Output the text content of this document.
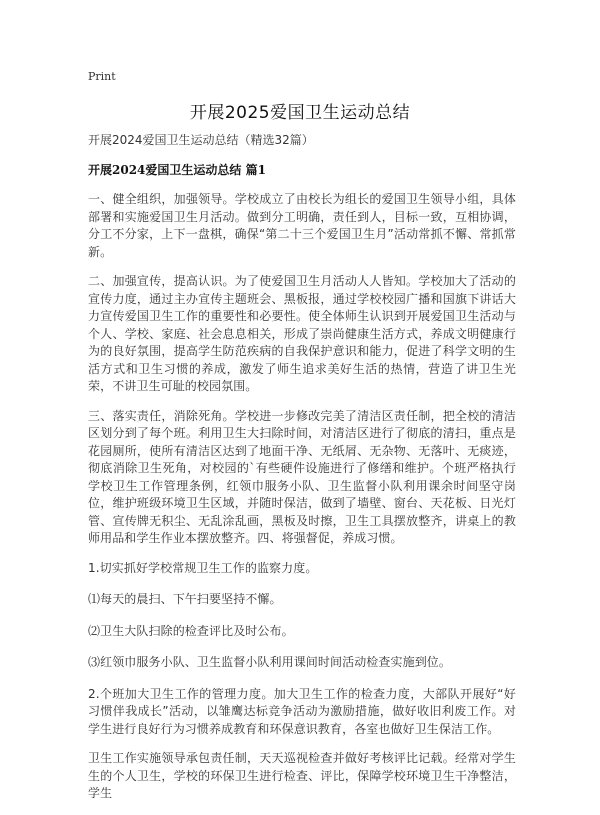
Print
开展2025爱国卫生运动总结
开展2024爱国卫生运动总结（精选32篇）
开展2024爱国卫生运动总结 篇1

一、健全组织，加强领导。学校成立了由校长为组长的爱国卫生领导小组，具体部署和实施爱国卫生月活动。做到分工明确，责任到人，目标一致，互相协调，分工不分家，上下一盘棋，确保“第二十三个爱国卫生月”活动常抓不懈、常抓常新。

二、加强宣传，提高认识。为了使爱国卫生月活动人人皆知。学校加大了活动的宣传力度，通过主办宣传主题班会、黑板报，通过学校校园广播和国旗下讲话大力宣传爱国卫生工作的重要性和必要性。使全体师生认识到开展爱国卫生活动与个人、学校、家庭、社会息息相关，形成了崇尚健康生活方式，养成文明健康行为的良好氛围，提高学生防范疾病的自我保护意识和能力，促进了科学文明的生活方式和卫生习惯的养成，激发了师生追求美好生活的热情，营造了讲卫生光荣，不讲卫生可耻的校园氛围。

三、落实责任，消除死角。学校进一步修改完美了清洁区责任制，把全校的清洁区划分到了每个班。利用卫生大扫除时间，对清洁区进行了彻底的清扫，重点是花园厕所，使所有清洁区达到了地面干净、无纸屑、无杂物、无落叶、无痰迹，彻底消除卫生死角，对校园的`有些硬件设施进行了修缮和维护。个班严格执行学校卫生工作管理条例，红领巾服务小队、卫生监督小队利用课余时间坚守岗位，维护班级环境卫生区域，并随时保洁，做到了墙壁、窗台、天花板、日光灯管、宣传牌无积尘、无乱涂乱画，黑板及时擦，卫生工具摆放整齐，讲桌上的教师用品和学生作业本摆放整齐。四、将强督促，养成习惯。

1.切实抓好学校常规卫生工作的监察力度。

⑴每天的晨扫、下午扫要坚持不懈。

⑵卫生大队扫除的检查评比及时公布。

⑶红领巾服务小队、卫生监督小队利用课间时间活动检查实施到位。

2.个班加大卫生工作的管理力度。加大卫生工作的检查力度，大部队开展好“好习惯伴我成长”活动，以雏鹰达标竞争活动为激励措施，做好收旧利废工作。对学生进行良好行为习惯养成教育和环保意识教育，各室也做好卫生保洁工作。

卫生工作实施领导承包责任制，天天巡视检查并做好考核评比记载。经常对学生生的个人卫生，学校的环保卫生进行检查、评比，保障学校环境卫生干净整洁，学生
